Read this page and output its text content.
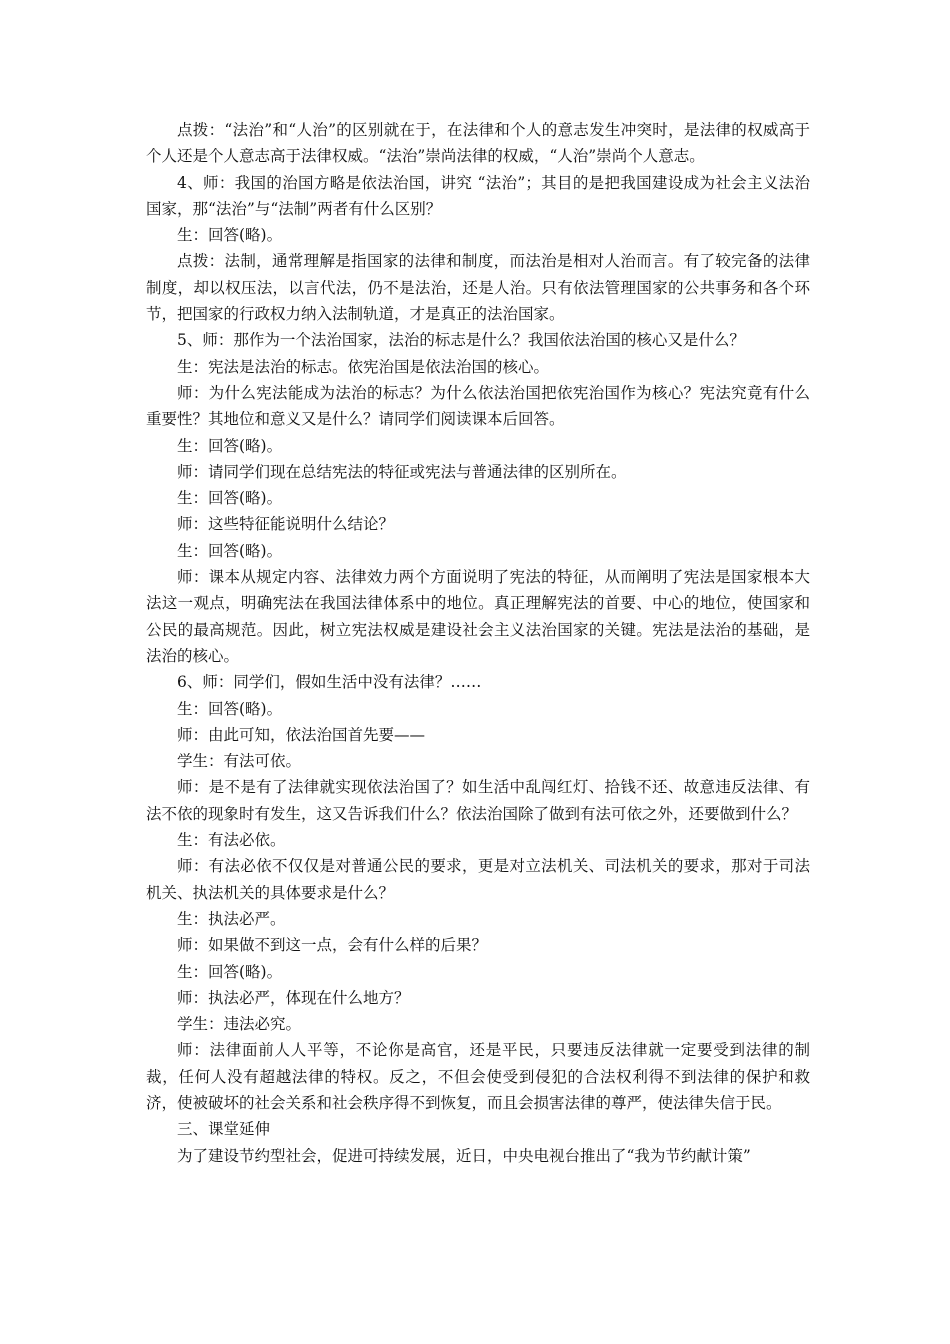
点拨：“法治”和“人治”的区别就在于，在法律和个人的意志发生冲突时，是法律的权威高于个人还是个人意志高于法律权威。“法治”崇尚法律的权威，“人治”崇尚个人意志。

4、师：我国的治国方略是依法治国，讲究 “法治”；其目的是把我国建设成为社会主义法治国家，那“法治”与“法制”两者有什么区别？

生：回答(略)。

点拨：法制，通常理解是指国家的法律和制度，而法治是相对人治而言。有了较完备的法律制度，却以权压法，以言代法，仍不是法治，还是人治。只有依法管理国家的公共事务和各个环节，把国家的行政权力纳入法制轨道，才是真正的法治国家。

5、师：那作为一个法治国家，法治的标志是什么？我国依法治国的核心又是什么？

生：宪法是法治的标志。依宪治国是依法治国的核心。

师：为什么宪法能成为法治的标志？为什么依法治国把依宪治国作为核心？宪法究竟有什么重要性？其地位和意义又是什么？请同学们阅读课本后回答。

生：回答(略)。

师：请同学们现在总结宪法的特征或宪法与普通法律的区别所在。

生：回答(略)。

师：这些特征能说明什么结论？

生：回答(略)。

师：课本从规定内容、法律效力两个方面说明了宪法的特征，从而阐明了宪法是国家根本大法这一观点，明确宪法在我国法律体系中的地位。真正理解宪法的首要、中心的地位，使国家和公民的最高规范。因此，树立宪法权威是建设社会主义法治国家的关键。宪法是法治的基础，是法治的核心。

6、师：同学们，假如生活中没有法律？……

生：回答(略)。

师：由此可知，依法治国首先要——

学生：有法可依。

师：是不是有了法律就实现依法治国了？如生活中乱闯红灯、拾钱不还、故意违反法律、有法不依的现象时有发生，这又告诉我们什么？依法治国除了做到有法可依之外，还要做到什么？

生：有法必依。

师：有法必依不仅仅是对普通公民的要求，更是对立法机关、司法机关的要求，那对于司法机关、执法机关的具体要求是什么？

生：执法必严。

师：如果做不到这一点，会有什么样的后果？

生：回答(略)。

师：执法必严，体现在什么地方？

学生：违法必究。

师：法律面前人人平等，不论你是高官，还是平民，只要违反法律就一定要受到法律的制裁，任何人没有超越法律的特权。反之，不但会使受到侵犯的合法权利得不到法律的保护和救济，使被破坏的社会关系和社会秩序得不到恢复，而且会损害法律的尊严，使法律失信于民。

三、课堂延伸

为了建设节约型社会，促进可持续发展，近日，中央电视台推出了“我为节约献计策”
